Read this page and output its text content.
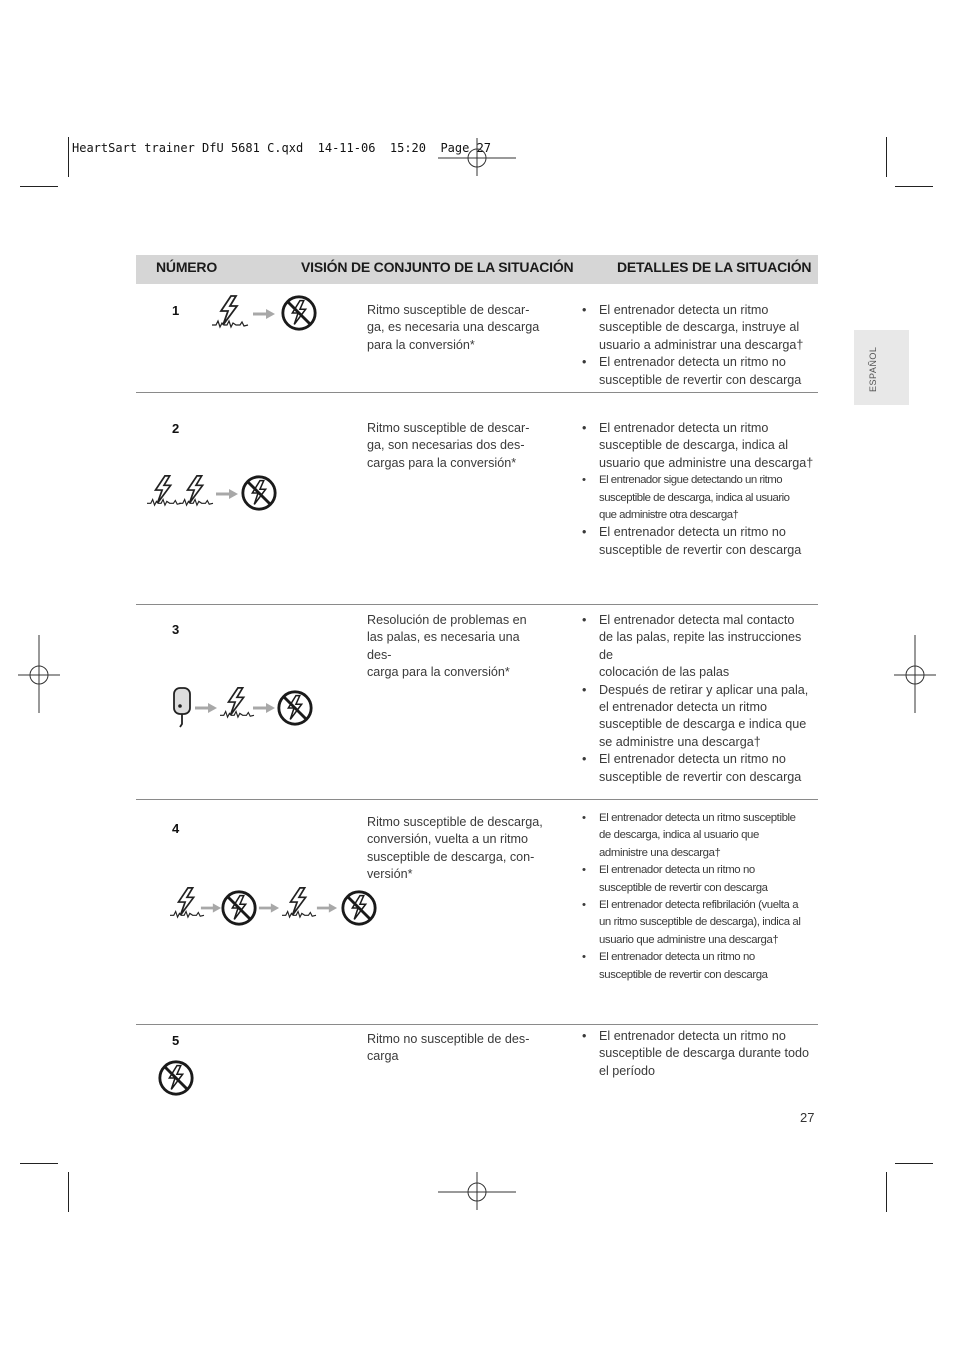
HeartSart trainer DfU 5681 C.qxd  14-11-06  15:20  Page 27
ESPAÑOL
NÚMERO	VISIÓN DE CONJUNTO DE LA SITUACIÓN	DETALLES DE LA SITUACIÓN
1	Ritmo susceptible de descar-
ga, es necesaria una descarga
para la conversión*
• El entrenador detecta un ritmo
susceptible de descarga, instruye al
usuario a administrar una descarga†
• El entrenador detecta un ritmo no
susceptible de revertir con descarga
2	Ritmo susceptible de descar-
ga, son necesarias dos des-
cargas para la conversión*
• El entrenador detecta un ritmo
susceptible de descarga, indica al
usuario que administre una descarga†
• El entrenador sigue detectando un ritmo
susceptible de descarga, indica al usuario
que administre otra descarga†
• El entrenador detecta un ritmo no
susceptible de revertir con descarga
3
Resolución de problemas en
las palas, es necesaria una des-
carga para la conversión*
• El entrenador detecta mal contacto
de las palas, repite las instrucciones de
colocación de las palas
• Después de retirar y aplicar una pala,
el entrenador detecta un ritmo
susceptible de descarga e indica que
se administre una descarga†
• El entrenador detecta un ritmo no
susceptible de revertir con descarga
4	Ritmo susceptible de descarga,
conversión, vuelta a un ritmo
susceptible de descarga, con-
versión*
• El entrenador detecta un ritmo susceptible
de descarga, indica al usuario que
administre una descarga†
• El entrenador detecta un ritmo no
susceptible de revertir con descarga
• El entrenador detecta refibrilación (vuelta a
un ritmo susceptible de descarga), indica al
usuario que administre una descarga†
• El entrenador detecta un ritmo no
susceptible de revertir con descarga
5	Ritmo no susceptible de des-
carga
• El entrenador detecta un ritmo no
susceptible de descarga durante todo
el período
27
